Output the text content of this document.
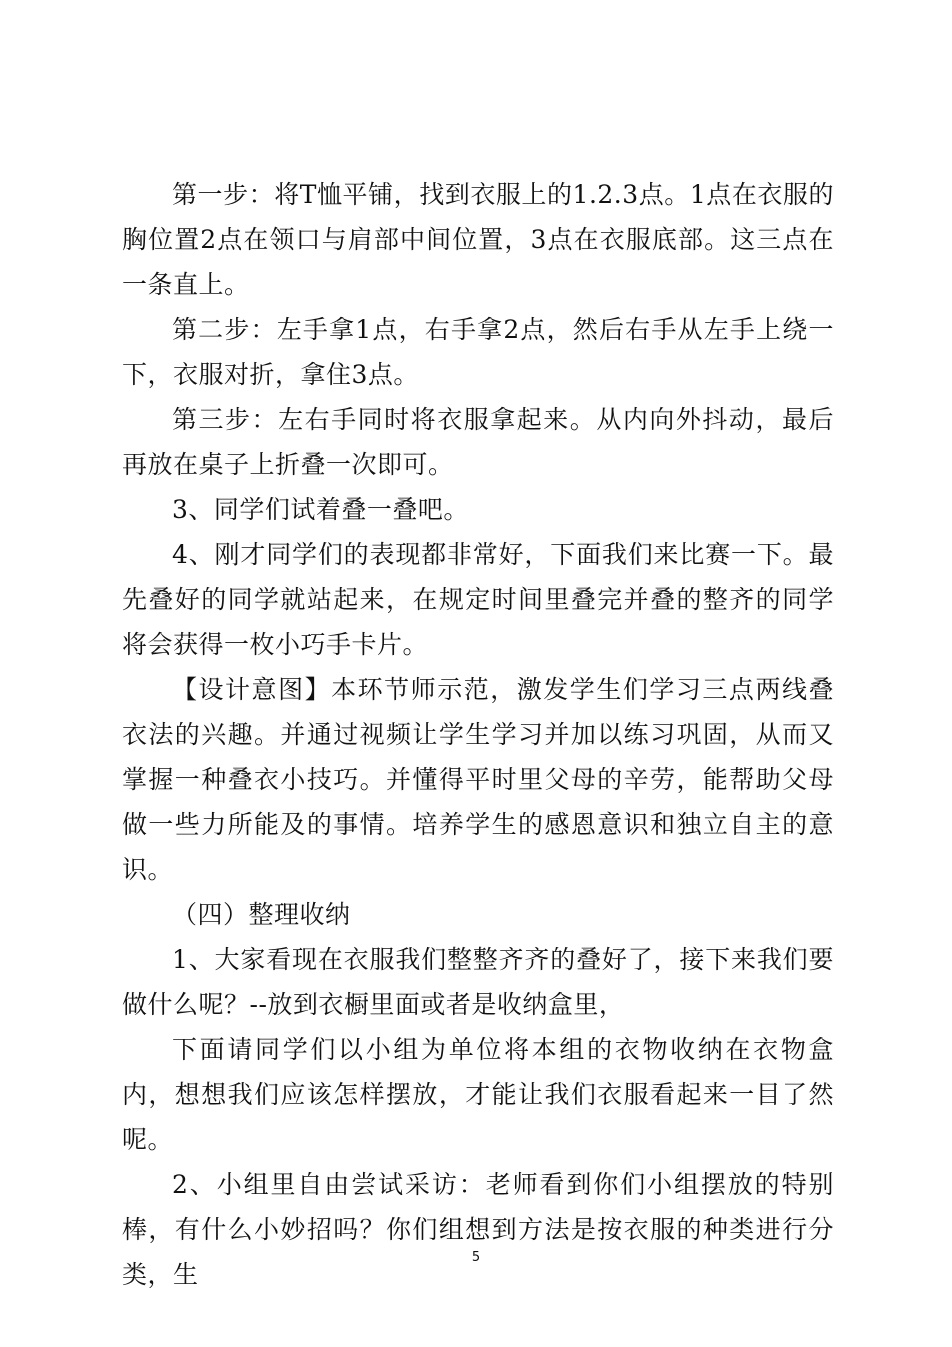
第一步：将T恤平铺，找到衣服上的1.2.3点。1点在衣服的胸位置2点在领口与肩部中间位置，3点在衣服底部。这三点在一条直上。

第二步：左手拿1点，右手拿2点，然后右手从左手上绕一下，衣服对折，拿住3点。

第三步：左右手同时将衣服拿起来。从内向外抖动，最后再放在桌子上折叠一次即可。

3、同学们试着叠一叠吧。

4、刚才同学们的表现都非常好，下面我们来比赛一下。最先叠好的同学就站起来，在规定时间里叠完并叠的整齐的同学将会获得一枚小巧手卡片。

【设计意图】本环节师示范，激发学生们学习三点两线叠衣法的兴趣。并通过视频让学生学习并加以练习巩固，从而又掌握一种叠衣小技巧。并懂得平时里父母的辛劳，能帮助父母做一些力所能及的事情。培养学生的感恩意识和独立自主的意识。

（四）整理收纳

1、大家看现在衣服我们整整齐齐的叠好了，接下来我们要做什么呢？--放到衣橱里面或者是收纳盒里，

下面请同学们以小组为单位将本组的衣物收纳在衣物盒内，想想我们应该怎样摆放，才能让我们衣服看起来一目了然呢。

2、小组里自由尝试采访：老师看到你们小组摆放的特别棒，有什么小妙招吗？你们组想到方法是按衣服的种类进行分类，生

5
